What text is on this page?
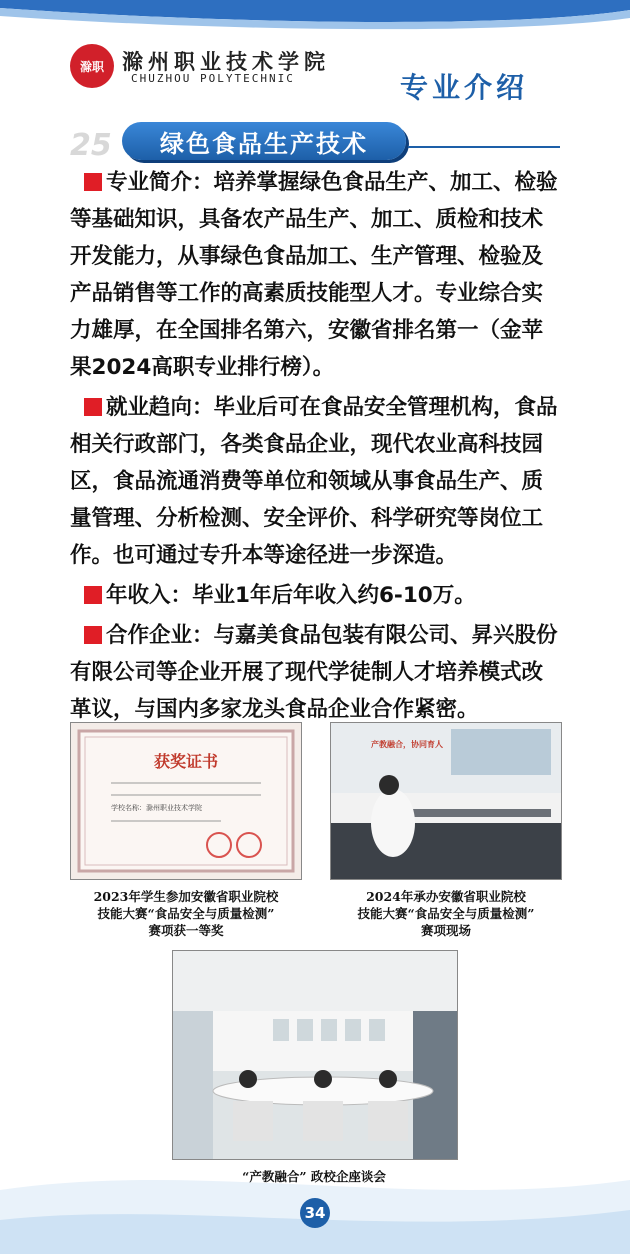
滁职 滁州职业技术学院
CHUZHOU POLYTECHNIC	专业介绍
25 绿色食品生产技术

专业简介：培养掌握绿色食品生产、加工、检验等基础知识，具备农产品生产、加工、质检和技术开发能力，从事绿色食品加工、生产管理、检验及产品销售等工作的高素质技能型人才。专业综合实力雄厚，在全国排名第六，安徽省排名第一（金苹果2024高职专业排行榜）。

就业趋向：毕业后可在食品安全管理机构，食品相关行政部门，各类食品企业，现代农业高科技园区，食品流通消费等单位和领域从事食品生产、质量管理、分析检测、安全评价、科学研究等岗位工作。也可通过专升本等途径进一步深造。

年收入：毕业1年后年收入约6-10万。

合作企业：与嘉美食品包装有限公司、昇兴股份有限公司等企业开展了现代学徒制人才培养模式改革议，与国内多家龙头食品企业合作紧密。

获奖证书
学校名称：滁州职业技术学院
产教融合，协同育人
2023年学生参加安徽省职业院校
技能大赛“食品安全与质量检测”
赛项获一等奖
2024年承办安徽省职业院校
技能大赛“食品安全与质量检测”
赛项现场
“产教融合” 政校企座谈会
34
